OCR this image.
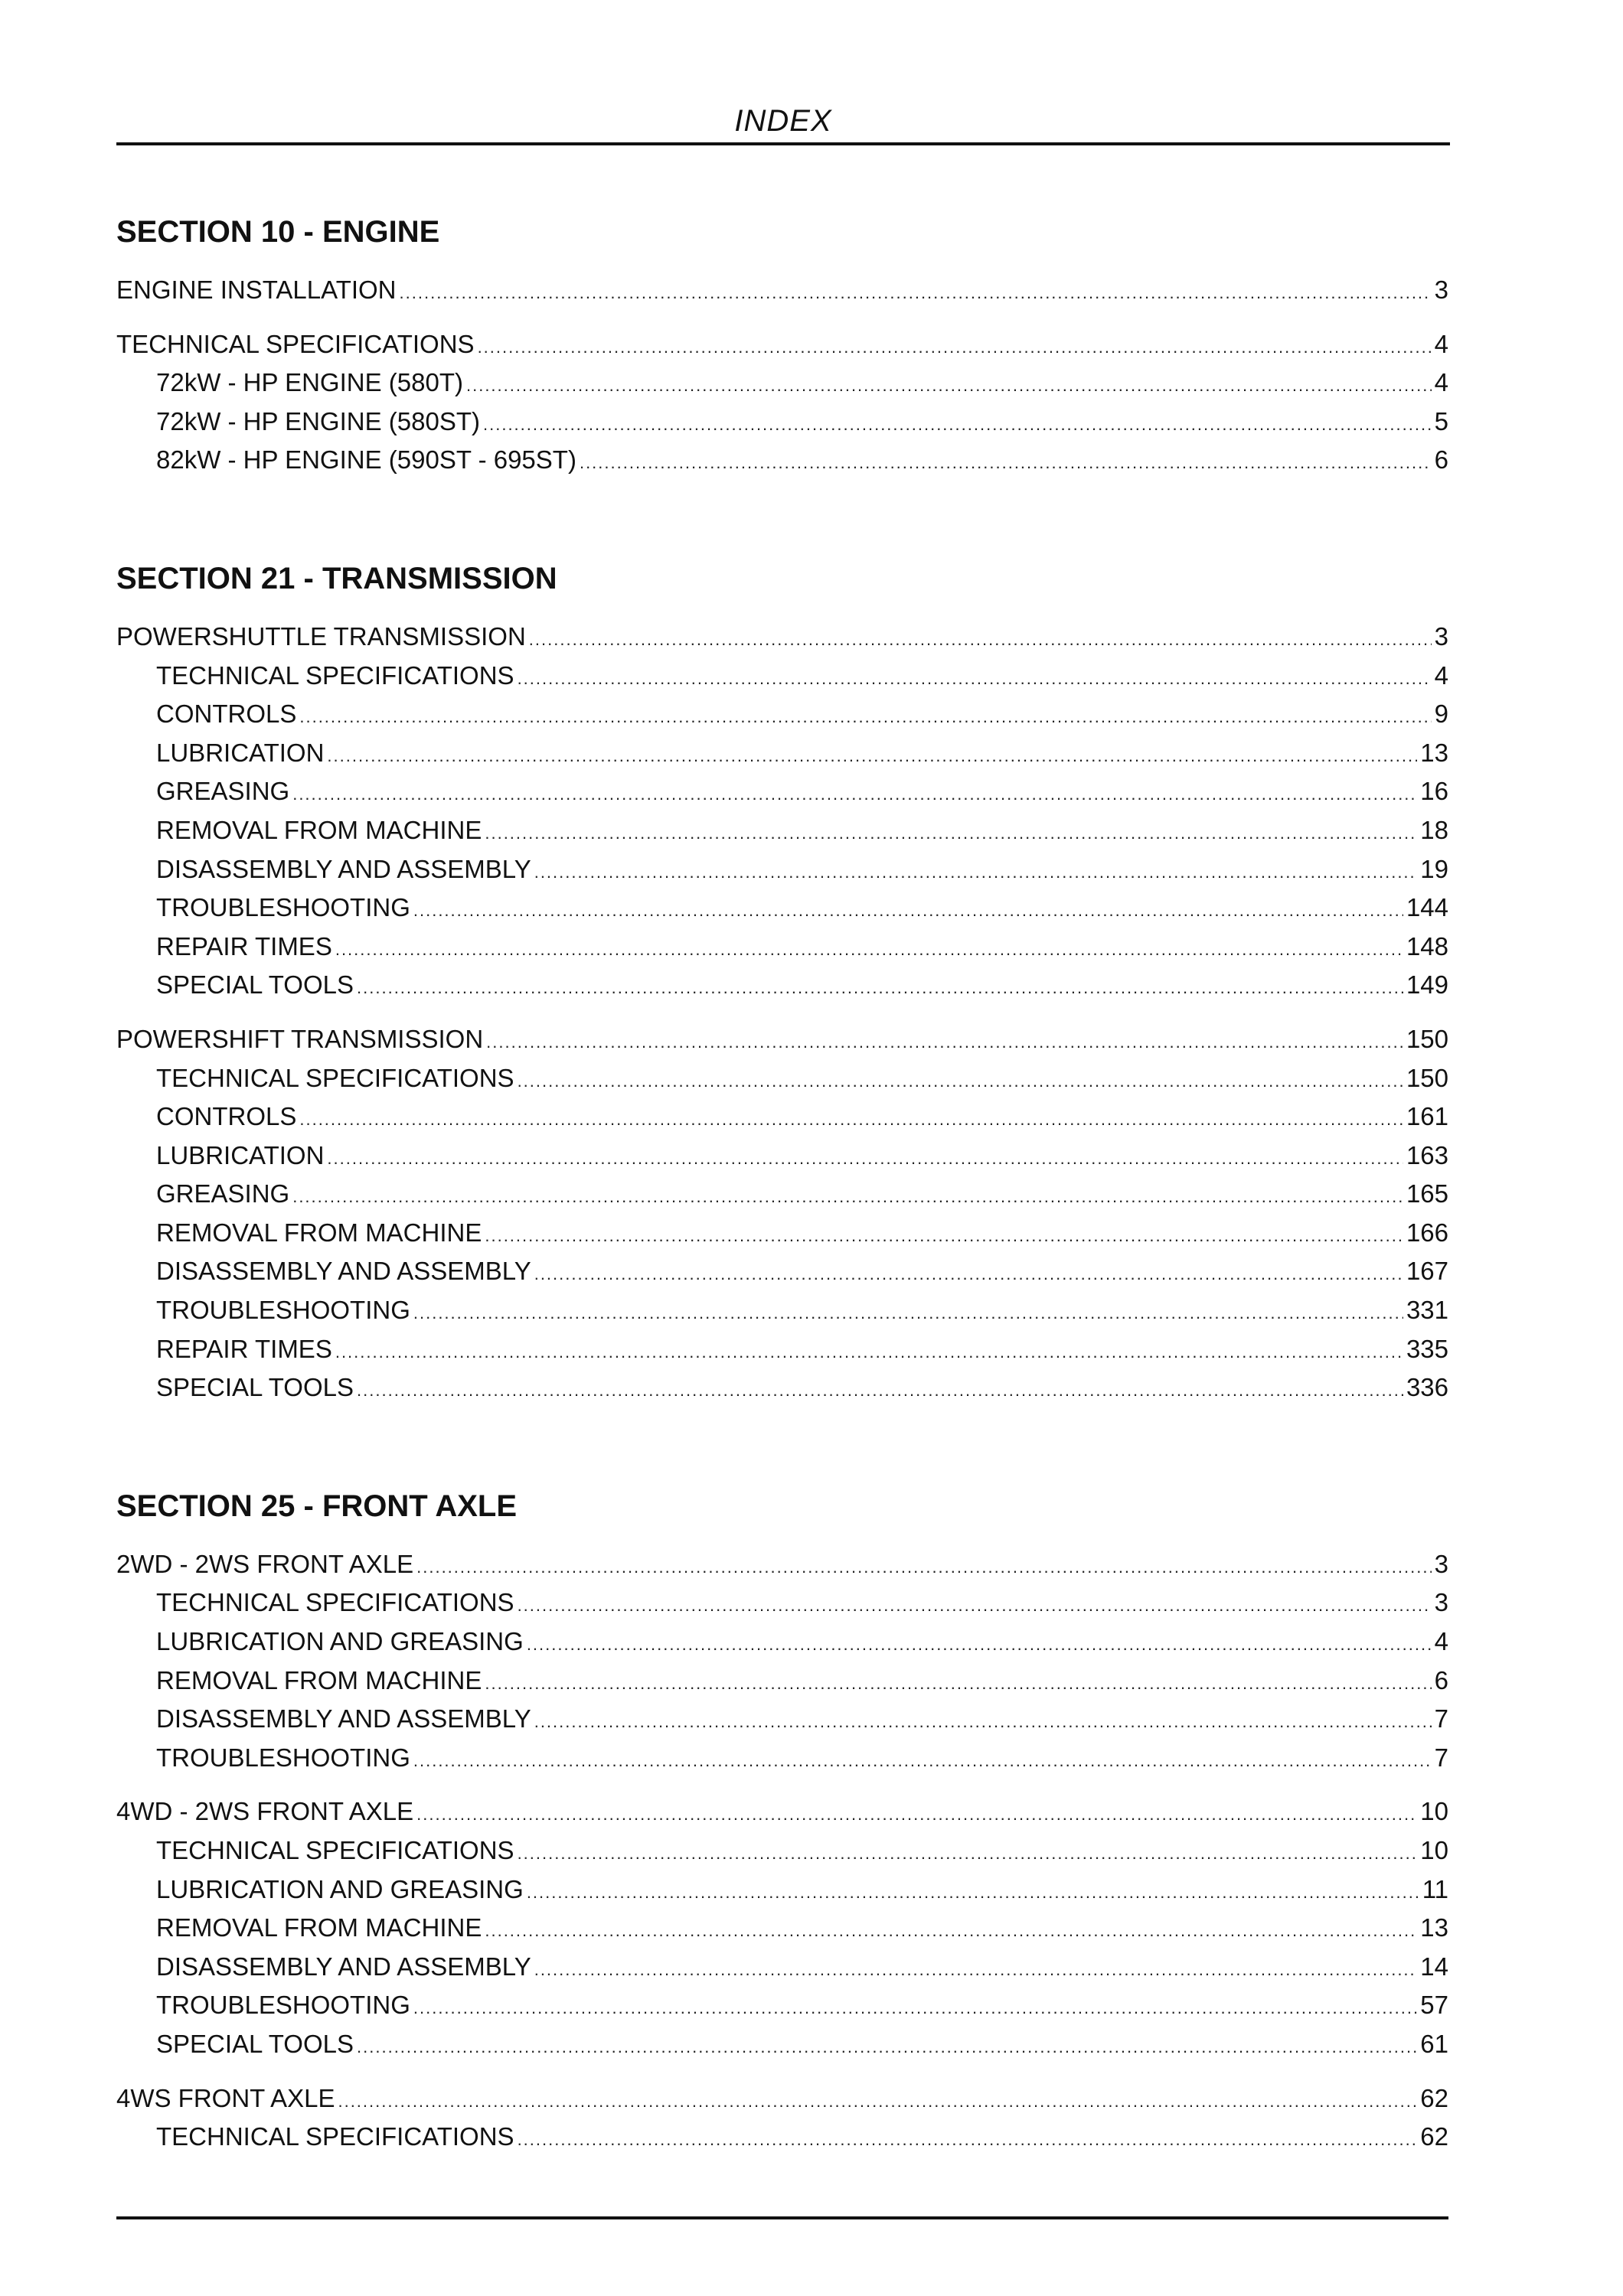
INDEX
SECTION 10 - ENGINE
ENGINE INSTALLATION .....	3
TECHNICAL SPECIFICATIONS .....	4
72kW - HP ENGINE (580T) .....	4
72kW - HP ENGINE (580ST) .....	5
82kW - HP ENGINE (590ST - 695ST) .....	6
SECTION 21 - TRANSMISSION
POWERSHUTTLE TRANSMISSION .....	3
TECHNICAL SPECIFICATIONS .....	4
CONTROLS .....	9
LUBRICATION .....	13
GREASING .....	16
REMOVAL FROM MACHINE .....	18
DISASSEMBLY AND ASSEMBLY .....	19
TROUBLESHOOTING .....	144
REPAIR TIMES .....	148
SPECIAL TOOLS .....	149
POWERSHIFT TRANSMISSION .....	150
TECHNICAL SPECIFICATIONS .....	150
CONTROLS .....	161
LUBRICATION .....	163
GREASING .....	165
REMOVAL FROM MACHINE .....	166
DISASSEMBLY AND ASSEMBLY .....	167
TROUBLESHOOTING .....	331
REPAIR TIMES .....	335
SPECIAL TOOLS .....	336
SECTION 25 - FRONT AXLE
2WD - 2WS FRONT AXLE .....	3
TECHNICAL SPECIFICATIONS .....	3
LUBRICATION AND GREASING .....	4
REMOVAL FROM MACHINE .....	6
DISASSEMBLY AND ASSEMBLY .....	7
TROUBLESHOOTING .....	7
4WD - 2WS FRONT AXLE .....	10
TECHNICAL SPECIFICATIONS .....	10
LUBRICATION AND GREASING .....	11
REMOVAL FROM MACHINE .....	13
DISASSEMBLY AND ASSEMBLY .....	14
TROUBLESHOOTING .....	57
SPECIAL TOOLS .....	61
4WS FRONT AXLE .....	62
TECHNICAL SPECIFICATIONS .....	62
